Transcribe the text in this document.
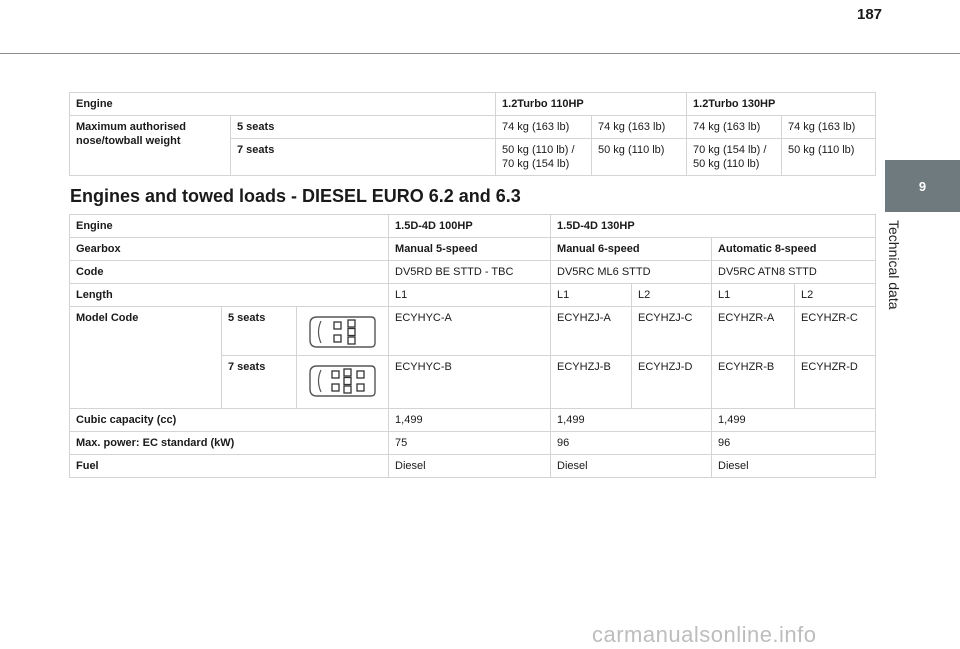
187
9
Technical data
Engine		1.2Turbo 110HP		1.2Turbo 130HP	
Maximum authorised nose/towball weight	5 seats	74 kg (163 lb)	74 kg (163 lb)	74 kg (163 lb)	74 kg (163 lb)
	7 seats	50 kg (110 lb) / 70 kg (154 lb)	50 kg (110 lb)	70 kg (154 lb) / 50 kg (110 lb)	50 kg (110 lb)
Engines and towed loads - DIESEL EURO 6.2 and 6.3
Engine			1.5D-4D 100HP	1.5D-4D 130HP			
Gearbox			Manual 5-speed	Manual 6-speed		Automatic 8-speed	
Code			DV5RD BE STTD - TBC	DV5RC ML6 STTD		DV5RC ATN8 STTD	
Length			L1	L1	L2	L1	L2
Model Code	5 seats		ECYHYC-A	ECYHZJ-A	ECYHZJ-C	ECYHZR-A	ECYHZR-C
	7 seats		ECYHYC-B	ECYHZJ-B	ECYHZJ-D	ECYHZR-B	ECYHZR-D
Cubic capacity (cc)			1,499	1,499		1,499	
Max. power: EC standard (kW)			75	96		96	
Fuel			Diesel	Diesel		Diesel	
carmanualsonline.info
